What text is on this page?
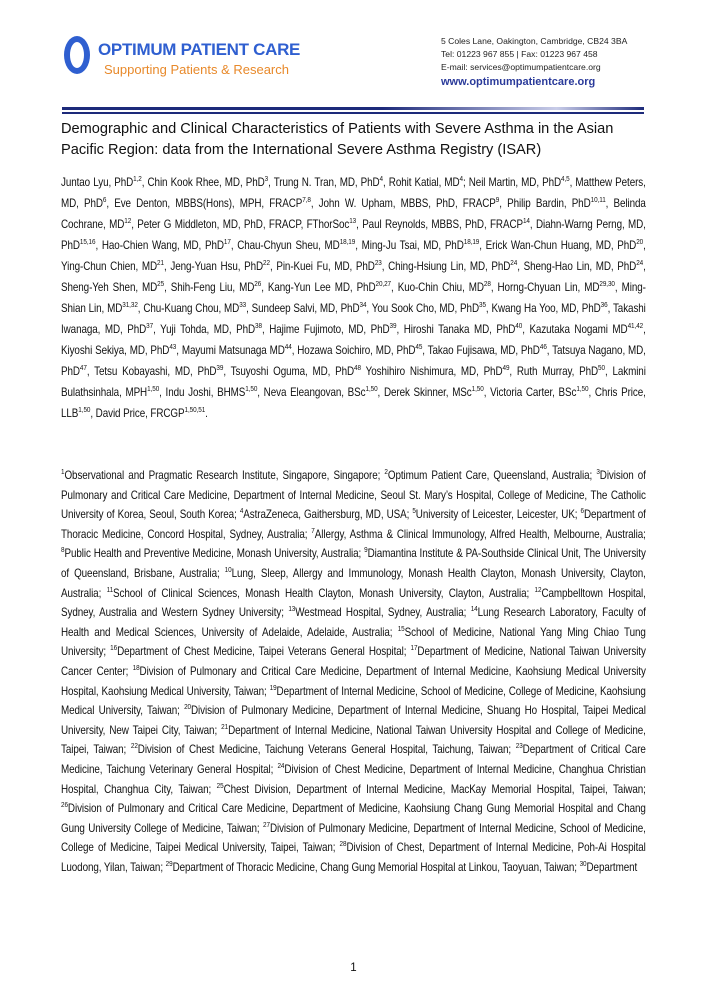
OPTIMUM PATIENT CARE
Supporting Patients & Research
5 Coles Lane, Oakington, Cambridge, CB24 3BA
Tel: 01223 967 855 | Fax: 01223 967 458
E-mail: services@optimumpatientcare.org
www.optimumpatientcare.org
Demographic and Clinical Characteristics of Patients with Severe Asthma in the Asian Pacific Region: data from the International Severe Asthma Registry (ISAR)
Juntao Lyu, PhD$^{1,2}$, Chin Kook Rhee, MD, PhD$^3$, Trung N. Tran, MD, PhD$^4$, Rohit Katial, $MD^4$; Neil Martin, MD, PhD$^{4,5}$, Matthew Peters, MD, PhD$^6$, Eve Denton, MBBS(Hons), MPH, FRACP$^{7,8}$, John W. Upham, MBBS, PhD, FRACP$^9$, Philip Bardin, PhD$^{10,11}$, Belinda Cochrane, MD$^{12}$, Peter G Middleton, MD, PhD, FRACP, FThorSoc$^{13}$, Paul Reynolds, MBBS, PhD, FRACP$^{14}$, Diahn-Warng Perng, MD, PhD$^{15,16}$, Hao-Chien Wang, MD, PhD$^{17}$, Chau-Chyun Sheu, MD$^{18,19}$, Ming-Ju Tsai, MD, PhD$^{18,19}$, Erick Wan-Chun Huang, MD, PhD$^{20}$, Ying-Chun Chien, MD$^{21}$, Jeng-Yuan Hsu, PhD$^{22}$, Pin-Kuei Fu, MD, PhD$^{23}$, Ching-Hsiung Lin, MD, PhD$^{24}$, Sheng-Hao Lin, MD, PhD$^{24}$, Sheng-Yeh Shen, MD$^{25}$, Shih-Feng Liu, MD$^{26}$, Kang-Yun Lee MD, PhD$^{20,27}$, Kuo-Chin Chiu, MD$^{28}$, Horng-Chyuan Lin, MD$^{29,30}$, Ming-Shian Lin, MD$^{31,32}$, Chu-Kuang Chou, MD$^{33}$, Sundeep Salvi, MD, PhD$^{34}$, You Sook Cho, MD, PhD$^{35}$, Kwang Ha Yoo, MD, PhD$^{36}$, Takashi Iwanaga, MD, PhD$^{37}$, Yuji Tohda, MD, PhD$^{38}$, Hajime Fujimoto, MD, PhD$^{39}$, Hiroshi Tanaka MD, PhD$^{40}$, Kazutaka Nogami MD$^{41,42}$, Kiyoshi Sekiya, MD, PhD$^{43}$, Mayumi Matsunaga MD$^{44}$, Hozawa Soichiro, MD, PhD$^{45}$, Takao Fujisawa, MD, PhD$^{46}$, Tatsuya Nagano, MD, PhD$^{47}$, Tetsu Kobayashi, MD, PhD$^{39}$, Tsuyoshi Oguma, MD, PhD$^{48}$ Yoshihiro Nishimura, MD, PhD$^{49}$, Ruth Murray, PhD$^{50}$, Lakmini Bulathsinhala, MPH$^{1,50}$, Indu Joshi, BHMS$^{1,50}$, Neva Eleangovan, BSc$^{1,50}$, Derek Skinner, MSc$^{1,50}$, Victoria Carter, BSc$^{1,50}$, Chris Price, LLB$^{1,50}$, David Price, FRCGP$^{1,50,51}$.
$^1$Observational and Pragmatic Research Institute, Singapore, Singapore; $^2$Optimum Patient Care, Queensland, Australia; $^3$Division of Pulmonary and Critical Care Medicine, Department of Internal Medicine, Seoul St. Mary’s Hospital, College of Medicine, The Catholic University of Korea, Seoul, South Korea; $^4$AstraZeneca, Gaithersburg, MD, USA; $^5$University of Leicester, Leicester, UK; $^6$Department of Thoracic Medicine, Concord Hospital, Sydney, Australia; $^7$Allergy, Asthma & Clinical Immunology, Alfred Health, Melbourne, Australia; $^8$Public Health and Preventive Medicine, Monash University, Australia; $^9$Diamantina Institute & PA-Southside Clinical Unit, The University of Queensland, Brisbane, Australia; $^{10}$Lung, Sleep, Allergy and Immunology, Monash Health Clayton, Monash University, Clayton, Australia; $^{11}$School of Clinical Sciences, Monash Health Clayton, Monash University, Clayton, Australia; $^{12}$Campbelltown Hospital, Sydney, Australia and Western Sydney University; $^{13}$Westmead Hospital, Sydney, Australia; $^{14}$Lung Research Laboratory, Faculty of Health and Medical Sciences, University of Adelaide, Adelaide, Australia; $^{15}$School of Medicine, National Yang Ming Chiao Tung University; $^{16}$Department of Chest Medicine, Taipei Veterans General Hospital; $^{17}$Department of Medicine, National Taiwan University Cancer Center; $^{18}$Division of Pulmonary and Critical Care Medicine, Department of Internal Medicine, Kaohsiung Medical University Hospital, Kaohsiung Medical University, Taiwan; $^{19}$Department of Internal Medicine, School of Medicine, College of Medicine, Kaohsiung Medical University, Taiwan; $^{20}$Division of Pulmonary Medicine, Department of Internal Medicine, Shuang Ho Hospital, Taipei Medical University, New Taipei City, Taiwan; $^{21}$Department of Internal Medicine, National Taiwan University Hospital and College of Medicine, Taipei, Taiwan; $^{22}$Division of Chest Medicine, Taichung Veterans General Hospital, Taichung, Taiwan; $^{23}$Department of Critical Care Medicine, Taichung Veterinary General Hospital; $^{24}$Division of Chest Medicine, Department of Internal Medicine, Changhua Christian Hospital, Changhua City, Taiwan; $^{25}$Chest Division, Department of Internal Medicine, MacKay Memorial Hospital, Taipei, Taiwan; $^{26}$Division of Pulmonary and Critical Care Medicine, Department of Medicine, Kaohsiung Chang Gung Memorial Hospital and Chang Gung University College of Medicine, Taiwan; $^{27}$Division of Pulmonary Medicine, Department of Internal Medicine, School of Medicine, College of Medicine, Taipei Medical University, Taipei, Taiwan; $^{28}$Division of Chest, Department of Internal Medicine, Poh-Ai Hospital Luodong, Yilan, Taiwan; $^{29}$Department of Thoracic Medicine, Chang Gung Memorial Hospital at Linkou, Taoyuan, Taiwan; $^{30}$Department
1
